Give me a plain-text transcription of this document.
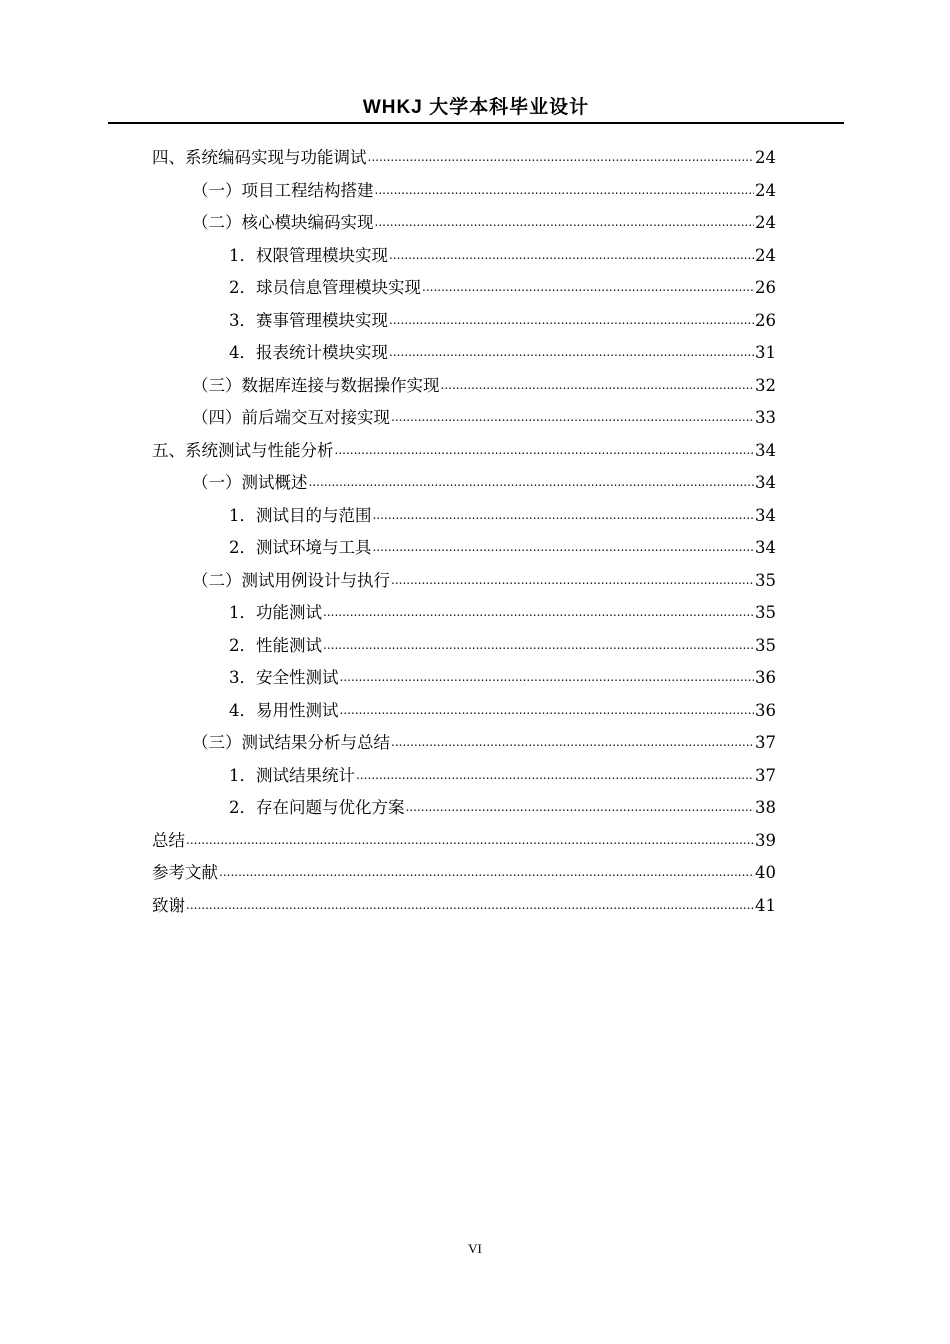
WHKJ 大学本科毕业设计
四、系统编码实现与功能调试 .....	24
（一）项目工程结构搭建 .....	24
（二）核心模块编码实现 .....	24
1．权限管理模块实现 .....	24
2．球员信息管理模块实现 .....	26
3．赛事管理模块实现 .....	26
4．报表统计模块实现 .....	31
（三）数据库连接与数据操作实现 .....	32
（四）前后端交互对接实现 .....	33
五、系统测试与性能分析 .....	34
（一）测试概述 .....	34
1．测试目的与范围 .....	34
2．测试环境与工具 .....	34
（二）测试用例设计与执行 .....	35
1．功能测试 .....	35
2．性能测试 .....	35
3．安全性测试 .....	36
4．易用性测试 .....	36
（三）测试结果分析与总结 .....	37
1．测试结果统计 .....	37
2．存在问题与优化方案 .....	38
总结 .....	39
参考文献 .....	40
致谢 .....	41
VI
